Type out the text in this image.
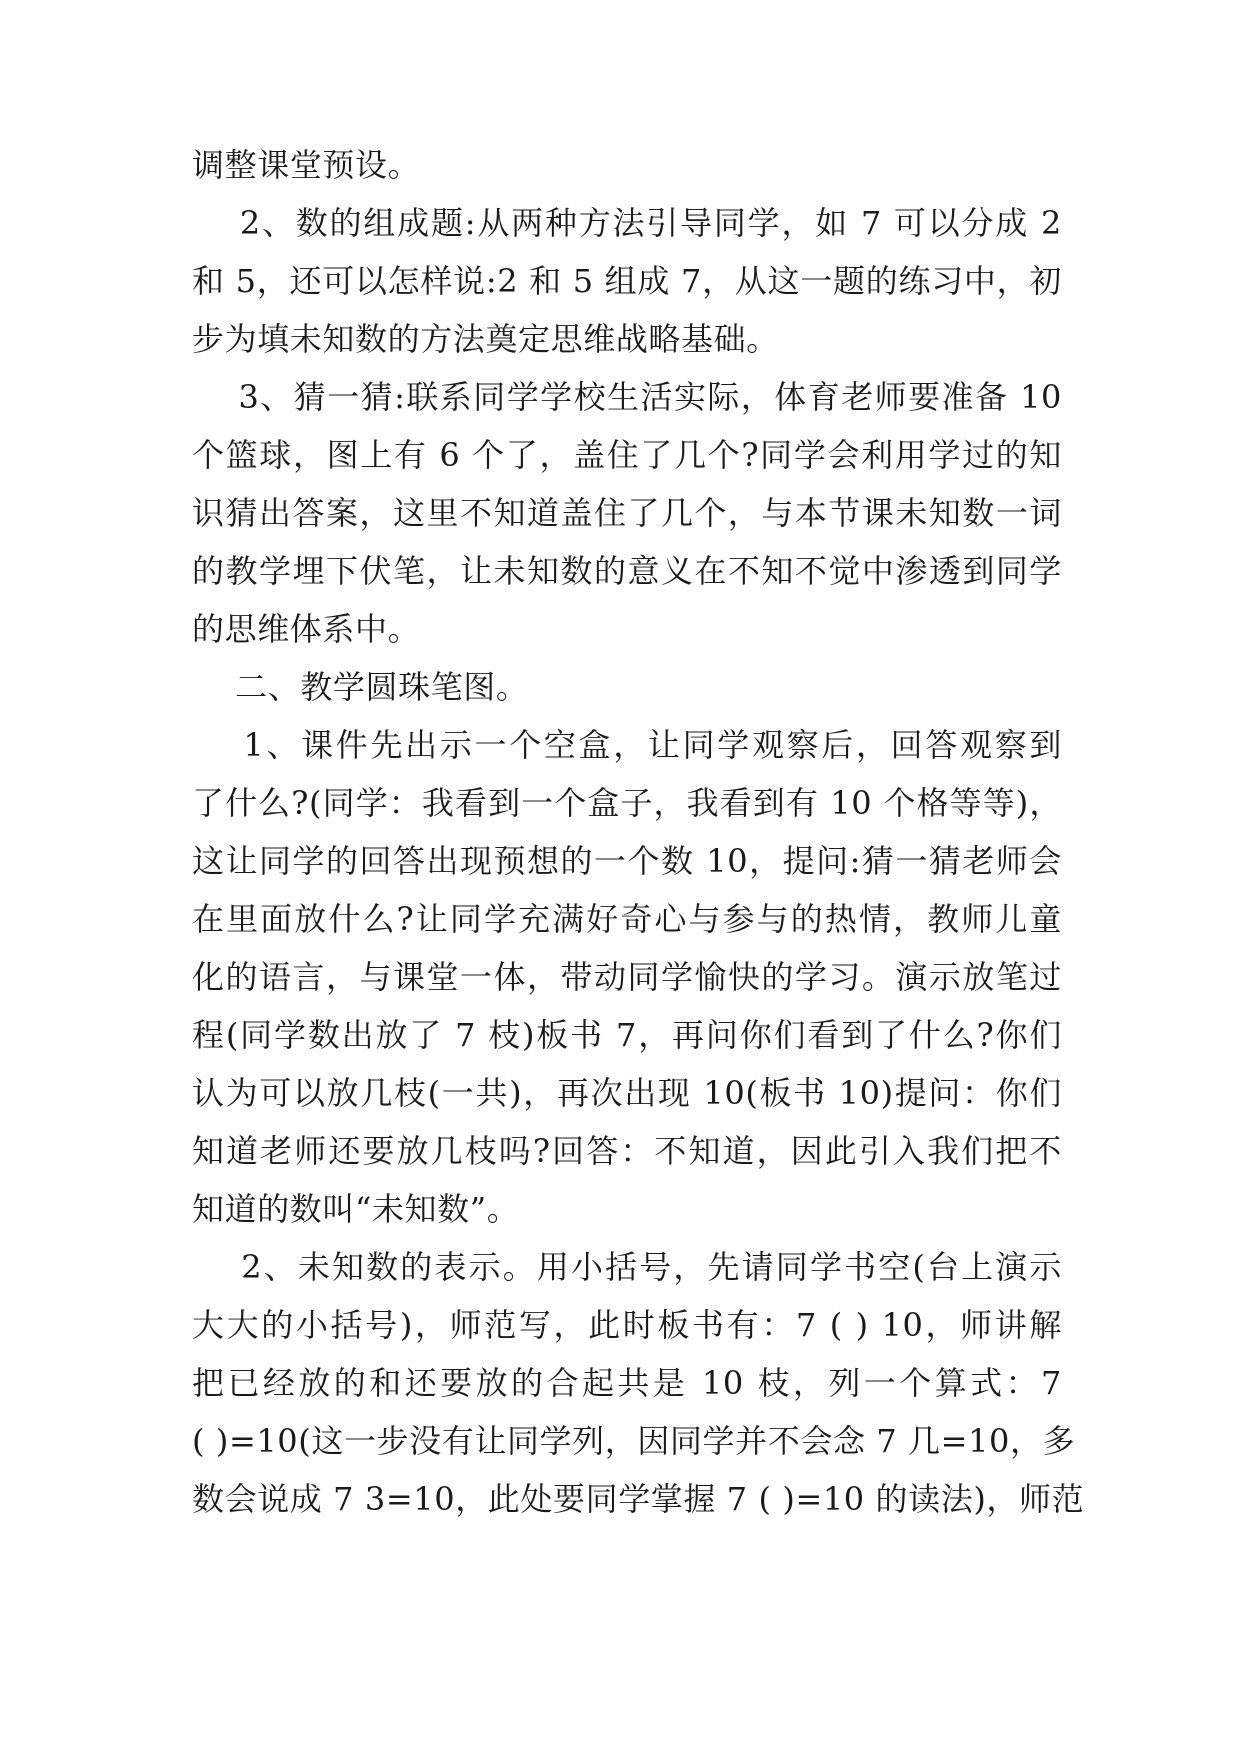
调整课堂预设。
2、数的组成题:从两种方法引导同学，如 7 可以分成 2
和 5，还可以怎样说:2 和 5 组成 7，从这一题的练习中，初
步为填未知数的方法奠定思维战略基础。
3、猜一猜:联系同学学校生活实际，体育老师要准备 10
个篮球，图上有 6 个了，盖住了几个?同学会利用学过的知
识猜出答案，这里不知道盖住了几个，与本节课未知数一词
的教学埋下伏笔，让未知数的意义在不知不觉中渗透到同学
的思维体系中。
二、教学圆珠笔图。
1、课件先出示一个空盒，让同学观察后，回答观察到
了什么?(同学：我看到一个盒子，我看到有 10 个格等等)，
这让同学的回答出现预想的一个数 10，提问:猜一猜老师会
在里面放什么?让同学充满好奇心与参与的热情，教师儿童
化的语言，与课堂一体，带动同学愉快的学习。演示放笔过
程(同学数出放了 7 枝)板书 7，再问你们看到了什么?你们
认为可以放几枝(一共)，再次出现 10(板书 10)提问：你们
知道老师还要放几枝吗?回答：不知道，因此引入我们把不
知道的数叫“未知数”。
2、未知数的表示。用小括号，先请同学书空(台上演示
大大的小括号)，师范写，此时板书有：7 ( ) 10，师讲解
把已经放的和还要放的合起共是 10 枝，列一个算式：7
( )=10(这一步没有让同学列，因同学并不会念 7 几=10，多
数会说成 7 3=10，此处要同学掌握 7 ( )=10 的读法)，师范
